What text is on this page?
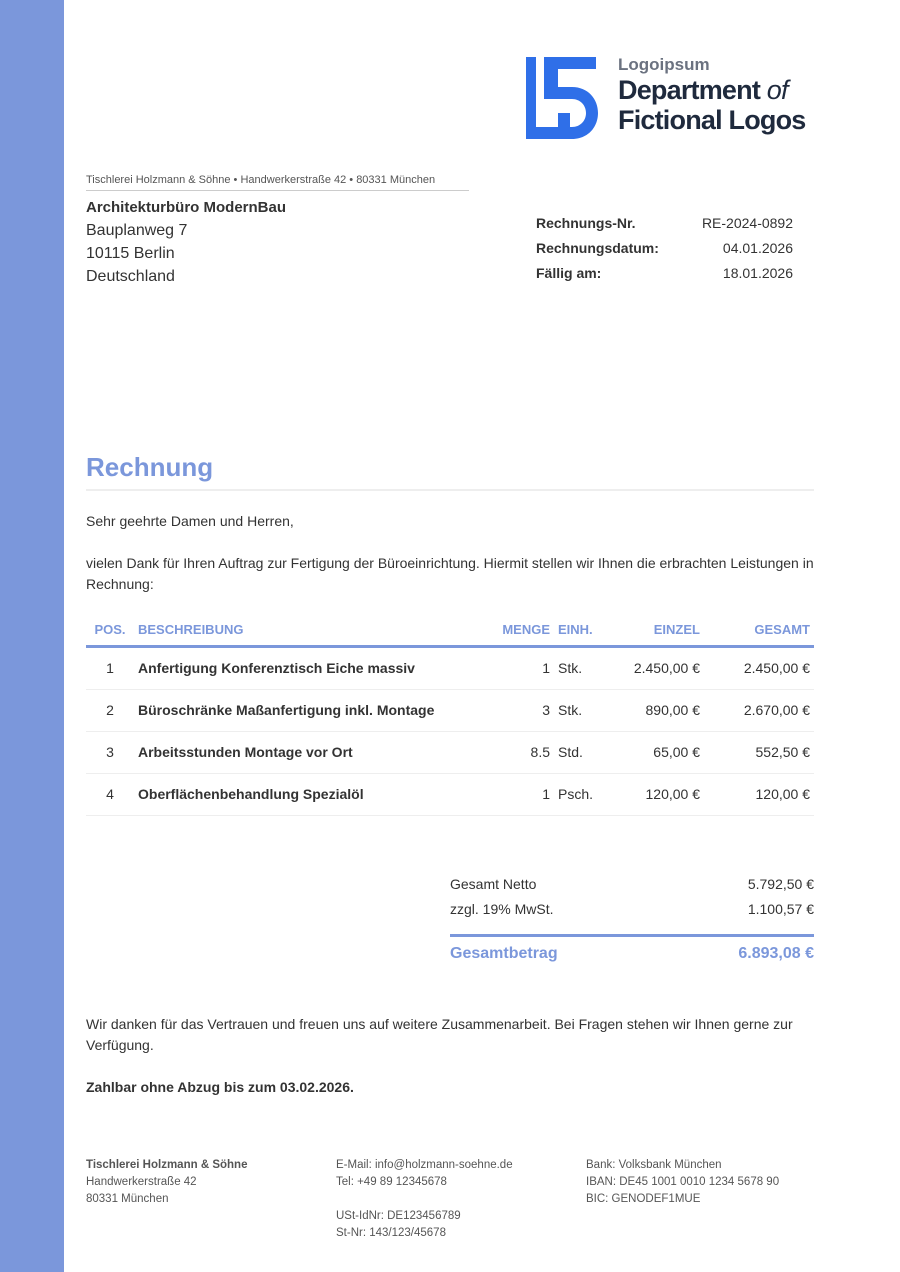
Logoipsum
Department of
Fictional Logos
Tischlerei Holzmann & Söhne • Handwerkerstraße 42 • 80331 München
Architekturbüro ModernBau
Bauplanweg 7
10115 Berlin
Deutschland
Rechnungs-Nr.	RE-2024-0892
Rechnungsdatum:	04.01.2026
Fällig am:	18.01.2026
Rechnung
Sehr geehrte Damen und Herren,
vielen Dank für Ihren Auftrag zur Fertigung der Büroeinrichtung. Hiermit stellen wir Ihnen die erbrachten Leistungen in Rechnung:
POS.	BESCHREIBUNG	MENGE	EINH.	EINZEL	GESAMT
1	Anfertigung Konferenztisch Eiche massiv	1	Stk.	2.450,00 €	2.450,00 €
2	Büroschränke Maßanfertigung inkl. Montage	3	Stk.	890,00 €	2.670,00 €
3	Arbeitsstunden Montage vor Ort	8.5	Std.	65,00 €	552,50 €
4	Oberflächenbehandlung Spezialöl	1	Psch.	120,00 €	120,00 €
Gesamt Netto	5.792,50 €
zzgl. 19% MwSt.	1.100,57 €
Gesamtbetrag	6.893,08 €
Wir danken für das Vertrauen und freuen uns auf weitere Zusammenarbeit. Bei Fragen stehen wir Ihnen gerne zur Verfügung.
Zahlbar ohne Abzug bis zum 03.02.2026.
Tischlerei Holzmann & Söhne
Handwerkerstraße 42
80331 München
E-Mail: info@holzmann-soehne.de
Tel: +49 89 12345678

USt-IdNr: DE123456789
St-Nr: 143/123/45678
Bank: Volksbank München
IBAN: DE45 1001 0010 1234 5678 90
BIC: GENODEF1MUE
